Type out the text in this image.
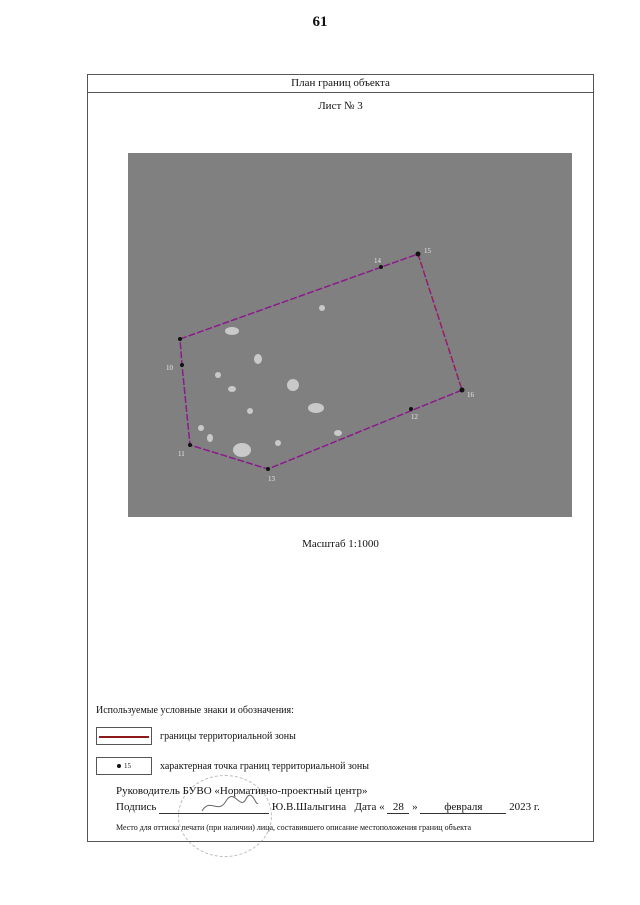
61
План границ объекта
Лист № 3
14
10
11
13
12
16
15
Масштаб 1:1000
Используемые условные знаки и обозначения:
границы территориальной зоны
15	характерная точка границ территориальной зоны
Руководитель БУВО «Нормативно-проектный центр»
Подпись	Ю.В.Шалыгина Дата « 28 » февраля 2023 г.
Место для оттиска печати (при наличии) лица, составившего описание местоположения границ объекта
